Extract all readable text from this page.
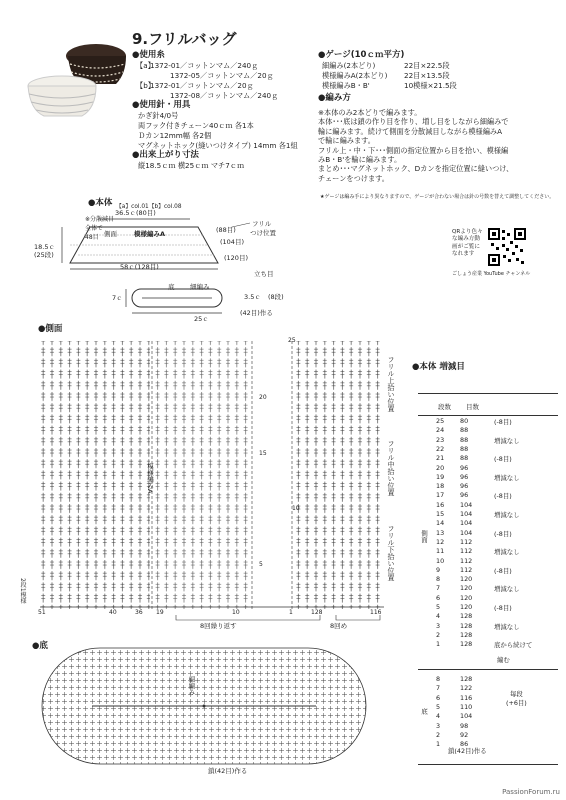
9.フリルバッグ
●使用糸
【a】
1372-01／コットンマム／240ｇ
1372-05／コットンマム／20ｇ
【b】
1372-01／コットンマム／20ｇ
1372-08／コットンマム／240ｇ
●使用針・用具
かぎ針4/0号
両フック付きチェーン40ｃｍ 各1本
Ｄカン12mm幅 各2個
マグネットホック(縫いつけタイプ) 14mm 各1組
●出来上がり寸法
縦18.5ｃｍ 横25ｃｍ マチ7ｃｍ
●ゲージ(10ｃｍ平方)
細編み(2本どり)	22目×22.5段
模様編みA(2本どり) 22目×13.5段
模様編みB・B'	10模様×21.5段
●編み方
※本体のみ2本どりで編みます。
本体･･･底は鎖の作り目を作り、増し目をしながら細編みで
輪に編みます。続けて側面を分散減目しながら模様編みA
で輪に編みます。
フリル上・中・下･･･側面の指定位置から目を拾い、模様編
みB・B'を輪に編みます。
まとめ･･･マグネットホック、Dカンを指定位置に縫いつけ、
チェーンをつけます。
★ゲージは編み手により異なりますので、ゲージが合わない場合は針の号数を替えて調整してください。
QRより色々
な編み方動
画がご覧に
なれます
ごしょう産業 YouTube チャンネル
●本体 【a】col.01【b】col.08
36.5ｃ(80目)
フリル
つけ位置
※分散減目
全体で
48目 側面	模様編みA	(88目)
(104目)
(120目)
18.5ｃ
(25段)
58ｃ(128目)
立ち目
底 細編み
7ｃ	3.5ｃ (8段)
25ｃ
(42目)作る
●側面
25
20
15
10
5
模様編みA
フリル上拾い位置
フリル中拾い位置
フリル下拾い位置
2段1模様
51	40	36 19	10	1	128	116
8回繰り返す	8回め
●底
細編み
鎖(42目)作る
●本体 増減目
段数 目数
側面
底
25 80	(-8目)
24 88
23 88	増減なし
22 88
21 88	(-8目)
20 96
19 96	増減なし
18 96
17 96	(-8目)
16 104
15 104	増減なし
14 104
13 104	(-8目)
12 112
11 112	増減なし
10 112
9	112	(-8目)
8	120
7	120	増減なし
6	120
5	120	(-8目)
4	128
3	128	増減なし
2	128
1	128	底から続けて
8	128
7	122
6	116
5	110
4	104
3	98
2	92
1	86
毎段
(+6目)
鎖(42目)作る
編む
PassionForum.ru
